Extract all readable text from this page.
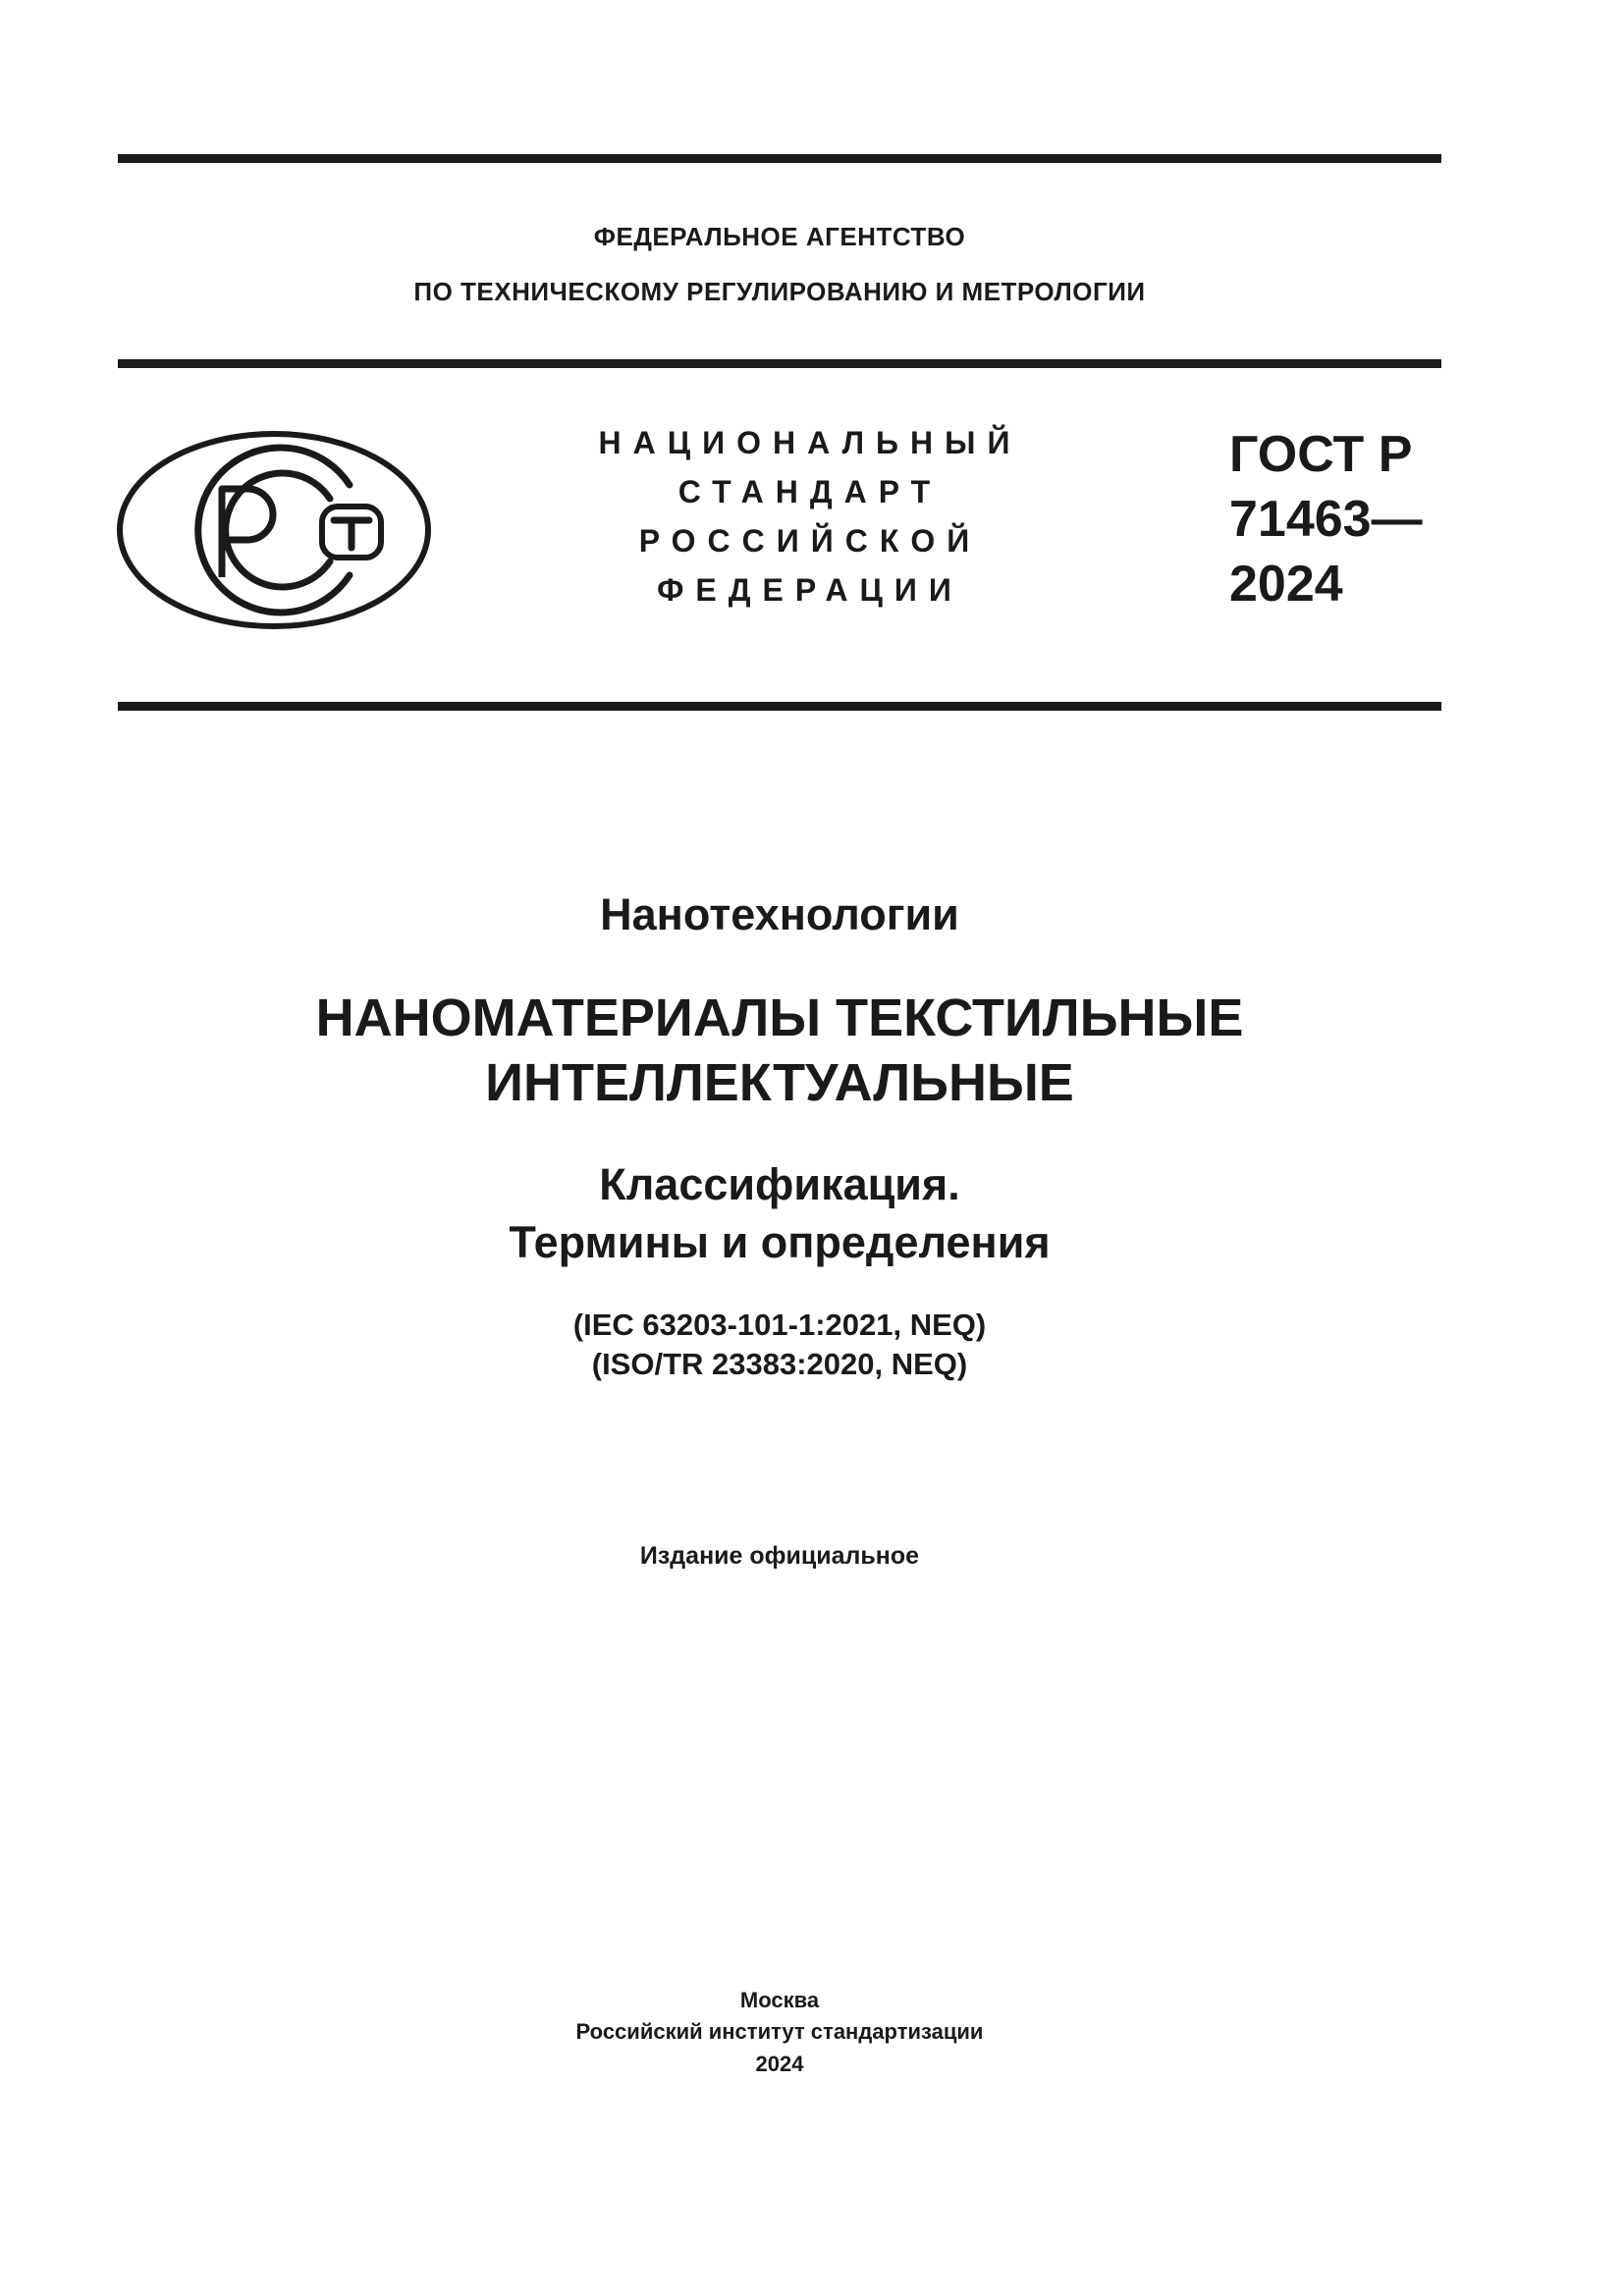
ФЕДЕРАЛЬНОЕ АГЕНТСТВО
ПО ТЕХНИЧЕСКОМУ РЕГУЛИРОВАНИЮ И МЕТРОЛОГИИ
НАЦИОНАЛЬНЫЙ
СТАНДАРТ
РОССИЙСКОЙ
ФЕДЕРАЦИИ
ГОСТ Р
71463—
2024
Нанотехнологии
НАНОМАТЕРИАЛЫ ТЕКСТИЛЬНЫЕ
ИНТЕЛЛЕКТУАЛЬНЫЕ
Классификация.
Термины и определения
(IEC 63203-101-1:2021, NEQ)
(ISO/TR 23383:2020, NEQ)
Издание официальное
Москва
Российский институт стандартизации
2024
